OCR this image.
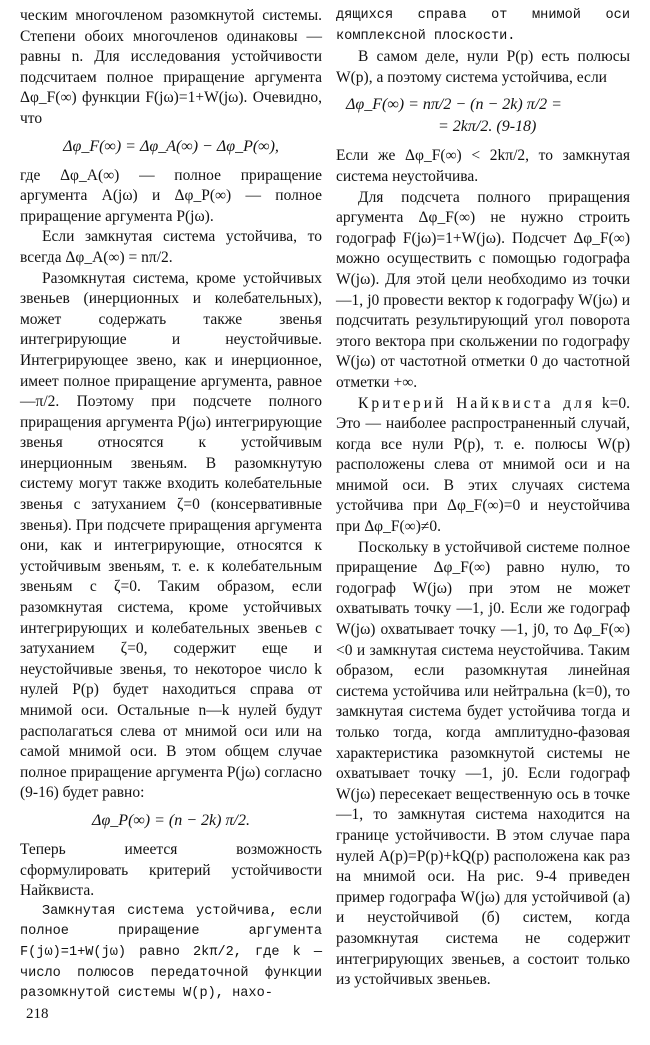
ческим многочленом разомкнутой системы. Степени обоих многочленов одинаковы — равны n. Для исследования устойчивости подсчитаем полное приращение аргумента Δφ_F(∞) функции F(jω)=1+W(jω). Очевидно, что

Δφ_F(∞) = Δφ_A(∞) − Δφ_P(∞),

где Δφ_A(∞) — полное приращение аргумента A(jω) и Δφ_P(∞) — полное приращение аргумента P(jω).

Если замкнутая система устойчива, то всегда Δφ_A(∞) = nπ/2.

Разомкнутая система, кроме устойчивых звеньев (инерционных и колебательных), может содержать также звенья интегрирующие и неустойчивые. Интегрирующее звено, как и инерционное, имеет полное приращение аргумента, равное —π/2. Поэтому при подсчете полного приращения аргумента P(jω) интегрирующие звенья относятся к устойчивым инерционным звеньям. В разомкнутую систему могут также входить колебательные звенья с затуханием ζ=0 (консервативные звенья). При подсчете приращения аргумента они, как и интегрирующие, относятся к устойчивым звеньям, т. е. к колебательным звеньям с ζ=0. Таким образом, если разомкнутая система, кроме устойчивых интегрирующих и колебательных звеньев с затуханием ζ=0, содержит еще и неустойчивые звенья, то некоторое число k нулей P(p) будет находиться справа от мнимой оси. Остальные n—k нулей будут располагаться слева от мнимой оси или на самой мнимой оси. В этом общем случае полное приращение аргумента P(jω) согласно (9-16) будет равно:

Δφ_P(∞) = (n − 2k) π/2.

Теперь имеется возможность сформулировать критерий устойчивости Найквиста.

Замкнутая система устойчива, если полное приращение аргумента F(jω)=1+W(jω) равно 2kπ/2, где k — число полюсов передаточной функции разомкнутой системы W(p), нахо-

дящихся справа от мнимой оси комплексной плоскости.

В самом деле, нули P(p) есть полюсы W(p), а поэтому система устойчива, если

Δφ_F(∞) = nπ/2 − (n − 2k) π/2 =
= 2kπ/2. (9-18)

Если же Δφ_F(∞) < 2kπ/2, то замкнутая система неустойчива.

Для подсчета полного приращения аргумента Δφ_F(∞) не нужно строить годограф F(jω)=1+W(jω). Подсчет Δφ_F(∞) можно осуществить с помощью годографа W(jω). Для этой цели необходимо из точки —1, j0 провести вектор к годографу W(jω) и подсчитать результирующий угол поворота этого вектора при скольжении по годографу W(jω) от частотной отметки 0 до частотной отметки +∞.

Критерий Найквиста для k=0. Это — наиболее распространенный случай, когда все нули P(p), т. е. полюсы W(p) расположены слева от мнимой оси и на мнимой оси. В этих случаях система устойчива при Δφ_F(∞)=0 и неустойчива при Δφ_F(∞)≠0.

Поскольку в устойчивой системе полное приращение Δφ_F(∞) равно нулю, то годограф W(jω) при этом не может охватывать точку —1, j0. Если же годограф W(jω) охватывает точку —1, j0, то Δφ_F(∞)<0 и замкнутая система неустойчива. Таким образом, если разомкнутая линейная система устойчива или нейтральна (k=0), то замкнутая система будет устойчива тогда и только тогда, когда амплитудно-фазовая характеристика разомкнутой системы не охватывает точку —1, j0. Если годограф W(jω) пересекает вещественную ось в точке —1, то замкнутая система находится на границе устойчивости. В этом случае пара нулей A(p)=P(p)+kQ(p) расположена как раз на мнимой оси. На рис. 9-4 приведен пример годографа W(jω) для устойчивой (а) и неустойчивой (б) систем, когда разомкнутая система не содержит интегрирующих звеньев, а состоит только из устойчивых звеньев.

218
